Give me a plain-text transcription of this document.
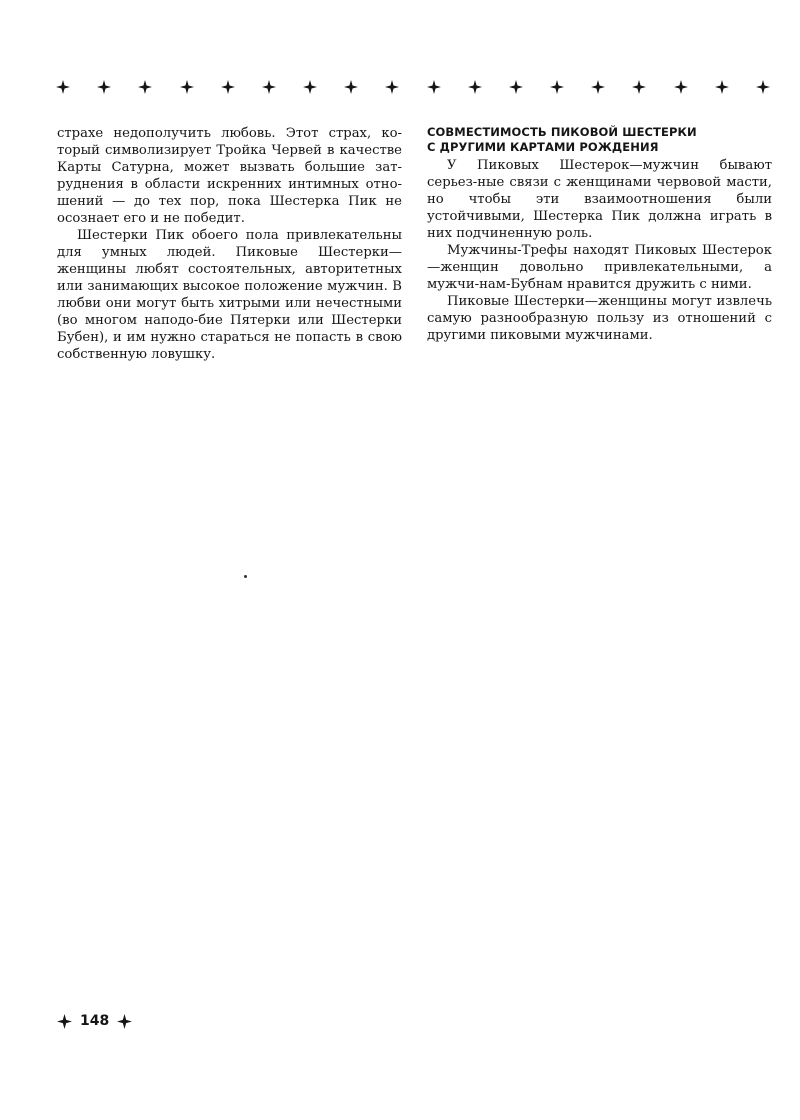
страхе недополучить любовь. Этот страх, ко-торый символизирует Тройка Червей в качестве Карты Сатурна, может вызвать большие зат-руднения в области искренних интимных отно-шений — до тех пор, пока Шестерка Пик не осознает его и не победит.

Шестерки Пик обоего пола привлекательны для умных людей. Пиковые Шестерки—женщины любят состоятельных, авторитетных или занимающих высокое положение мужчин. В любви они могут быть хитрыми или нечестными (во многом наподо-бие Пятерки или Шестерки Бубен), и им нужно стараться не попасть в свою собственную ловушку.

СОВМЕСТИМОСТЬ ПИКОВОЙ ШЕСТЕРКИ
С ДРУГИМИ КАРТАМИ РОЖДЕНИЯ

У Пиковых Шестерок—мужчин бывают серьез-ные связи с женщинами червовой масти, но чтобы эти взаимоотношения были устойчивыми, Шестерка Пик должна играть в них подчиненную роль.

Мужчины-Трефы находят Пиковых Шестерок—женщин довольно привлекательными, а мужчи-нам-Бубнам нравится дружить с ними.

Пиковые Шестерки—женщины могут извлечь самую разнообразную пользу из отношений с другими пиковыми мужчинами.

148
